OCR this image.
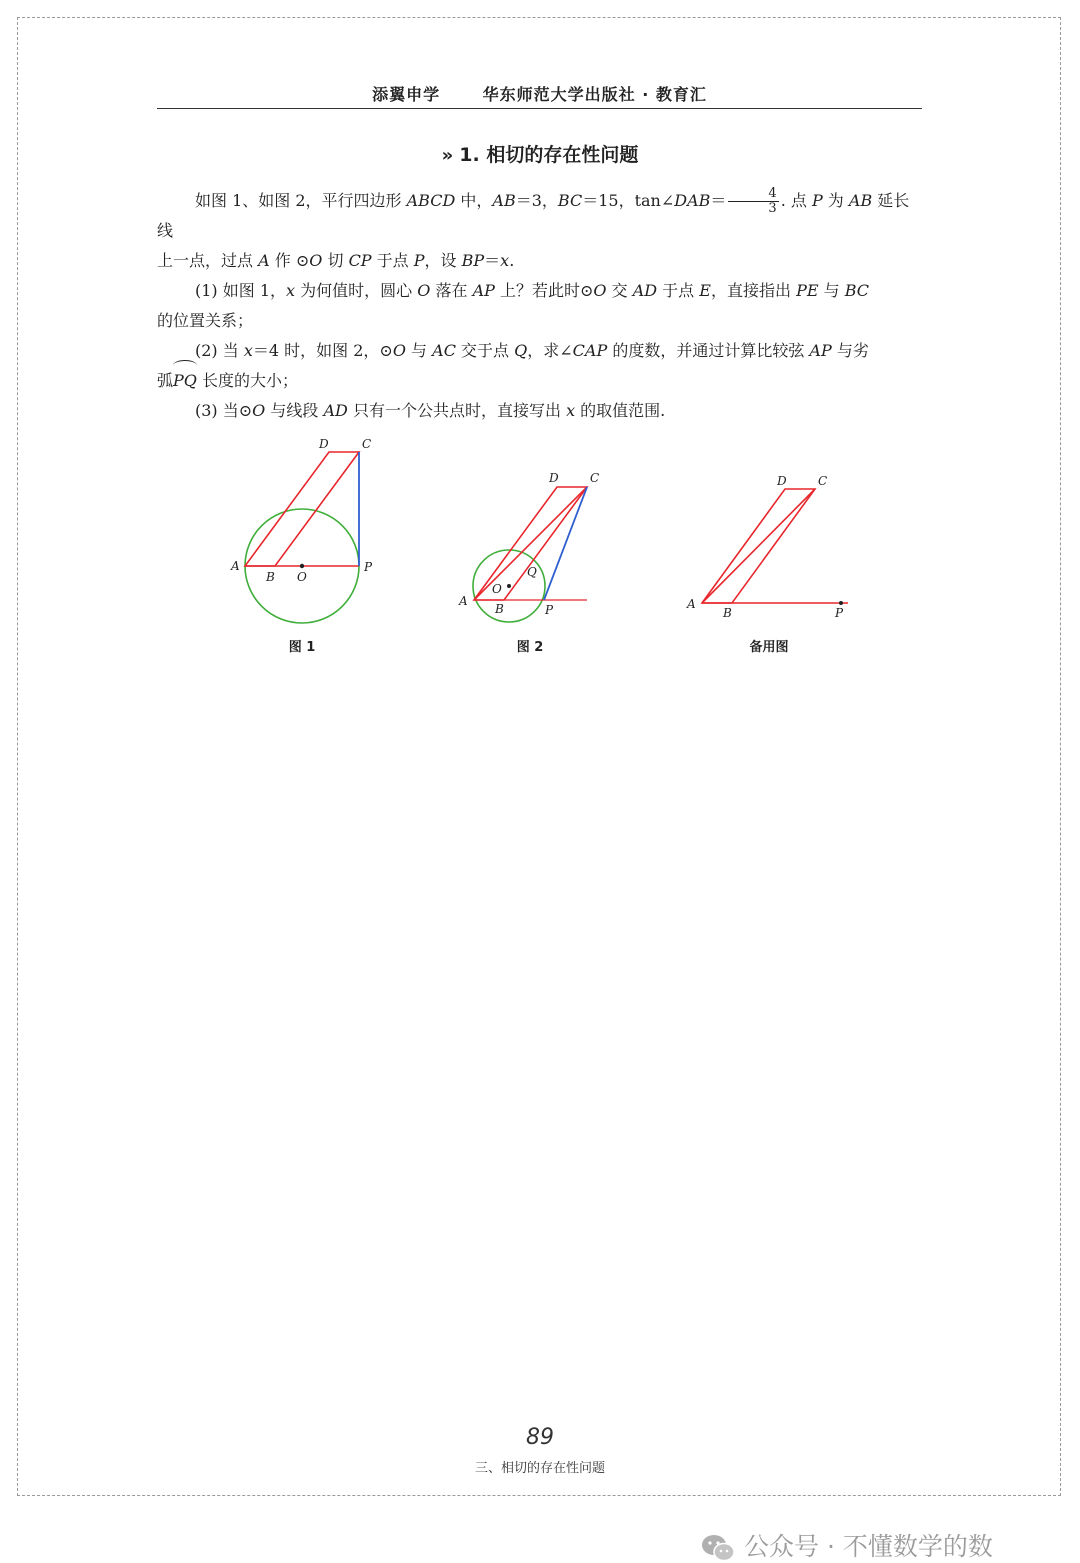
添翼申学	华东师范大学出版社 · 教育汇
» 1. 相切的存在性问题

如图 1、如图 2，平行四边形 ABCD 中，AB＝3，BC＝15，tan∠DAB＝ $\frac{4}{3}$ . 点 P 为 AB 延长线

上一点，过点 A 作 ⊙O 切 CP 于点 P，设 BP＝x.

(1) 如图 1，x 为何值时，圆心 O 落在 AP 上？若此时⊙O 交 AD 于点 E，直接指出 PE 与 BC

的位置关系；

(2) 当 x＝4 时，如图 2，⊙O 与 AC 交于点 Q，求∠CAP 的度数，并通过计算比较弦 AP 与劣

弧PQ 长度的大小；

(3) 当⊙O 与线段 AD 只有一个公共点时，直接写出 x 的取值范围.

A
B O
P
D	C
图 1
A
B
O
Q
P
D	C
图 2
A
B	P
D	C
备用图
89
三、相切的存在性问题
公众号 · 不懂数学的数
